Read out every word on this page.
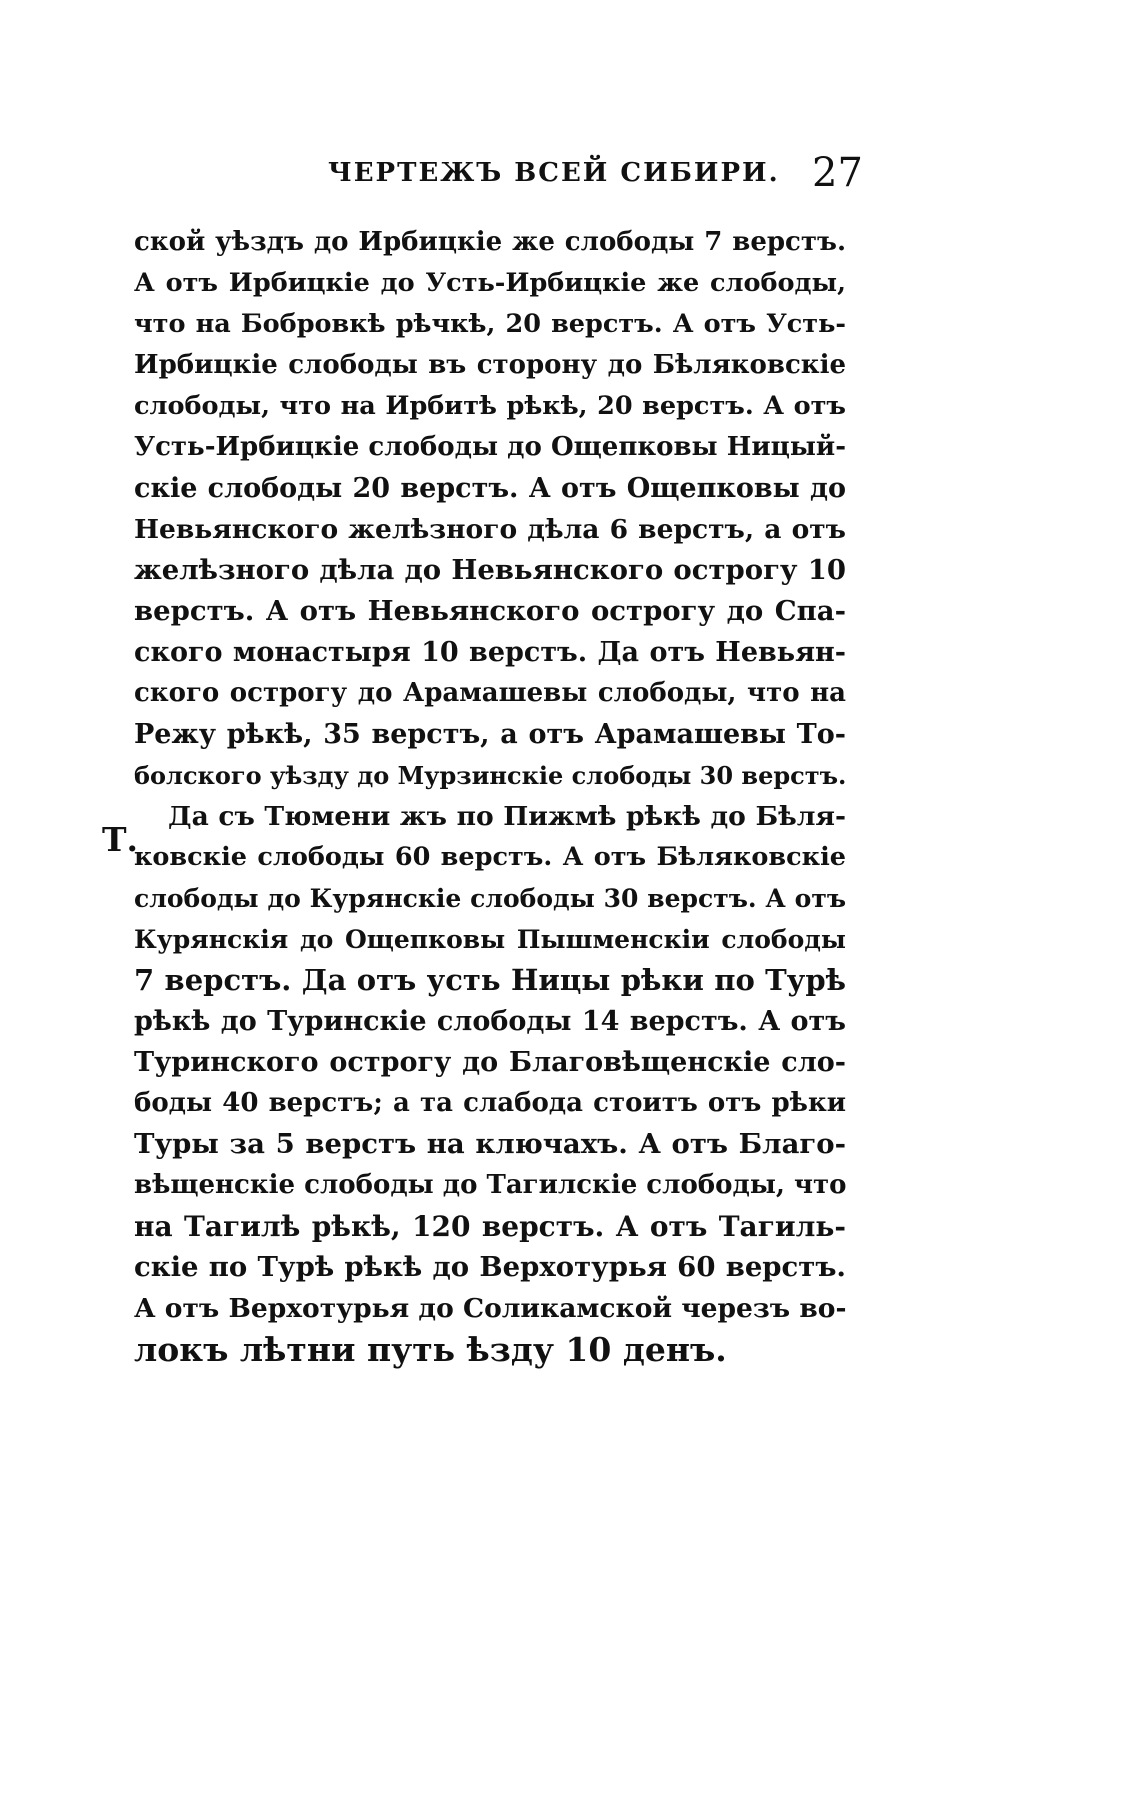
ЧЕРТЕЖЪ ВСЕЙ СИБИРИ. 27
Т.
ской уѣздъ до Ирбицкіе же слободы 7 верстъ.
А отъ Ирбицкіе до Усть-Ирбицкіе же слободы,
что на Бобровкѣ рѣчкѣ, 20 верстъ. А отъ Усть-
Ирбицкіе слободы въ сторону до Бѣляковскіе
слободы, что на Ирбитѣ рѣкѣ, 20 верстъ. А отъ
Усть-Ирбицкіе слободы до Ощепковы Ницый-
скіе слободы 20 верстъ. А отъ Ощепковы до
Невьянского желѣзного дѣла 6 верстъ, а отъ
желѣзного дѣла до Невьянского острогу 10
верстъ. А отъ Невьянского острогу до Спа-
ского монастыря 10 верстъ. Да отъ Невьян-
ского острогу до Арамашевы слободы, что на
Режу рѣкѣ, 35 верстъ, а отъ Арамашевы То-
болского уѣзду до Мурзинскіе слободы 30 верстъ.
Да съ Тюмени жъ по Пижмѣ рѣкѣ до Бѣля-
ковскіе слободы 60 верстъ. А отъ Бѣляковскіе
слободы до Курянскіе слободы 30 верстъ. А отъ
Курянскія до Ощепковы Пышменскіи слободы
7 верстъ. Да отъ усть Ницы рѣки по Турѣ
рѣкѣ до Туринскіе слободы 14 верстъ. А отъ
Туринского острогу до Благовѣщенскіе сло-
боды 40 верстъ; а та слабода стоитъ отъ рѣки
Туры за 5 верстъ на ключахъ. А отъ Благо-
вѣщенскіе слободы до Тагилскіе слободы, что
на Тагилѣ рѣкѣ, 120 верстъ. А отъ Тагиль-
скіе по Турѣ рѣкѣ до Верхотурья 60 верстъ.
А отъ Верхотурья до Соликамской черезъ во-
локъ лѣтни путь ѣзду 10 денъ.
